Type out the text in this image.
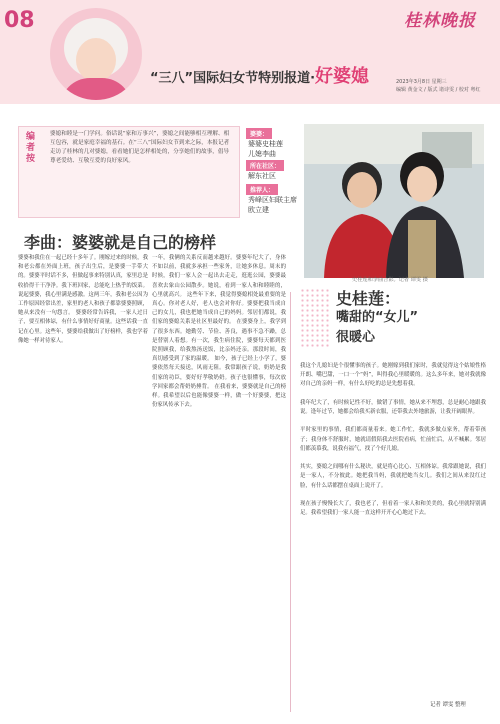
08	桂林晚报
“三八”国际妇女节特别报道·好婆媳	2023年3月8日 星期三
编辑 黄金文 / 版式 诸诗雯 / 校对 粤红
编者按
婆媳和睦是一门学问。俗话说“家和万事兴”，婆媳之间能够相互理解、相互包容，就是家庭幸福的基石。在“三八”国际妇女节到来之际，本报记者走访了桂林的几对婆媳，看看她们是怎样相处的，分享她们的故事，倡导尊老爱幼、互敬互爱的良好家风。
婆婆：
婆婆史桂莲
儿媳李曲
所在社区：
解东社区
推荐人：
秀峰区妇联主席
欧立建
史桂莲和李曲合影。记者 谭雯 摄
李曲：婆婆就是自己的榜样
婆婆和我住在一起已经十多年了。刚嫁过来的时候，我和老公都在外面上班，孩子出生后，是婆婆一手带大的。婆婆平时话不多，但做起事来特别认真，家里总是收拾得干干净净。我下班回家，总能吃上热乎的饭菜。说起婆婆，我心里满是感激。这两三年，我和老公因为工作原因经常出差，家里的老人和孩子都靠婆婆照顾，她从来没有一句怨言。 婆婆经常告诉我，一家人过日子，要互相体谅，有什么事情好好商量。这些话我一直记在心里。这些年，婆婆给我做出了好榜样，我也学着像她一样对待家人。
一年，我俩的关系反而越来越好。婆婆年纪大了，身体不如以前，我就多承担一些家务，让她多休息。周末的时候，我们一家人会一起出去走走，逛逛公园，婆婆最喜欢去象山公园散步。她说，看到一家人和和睦睦的，心里就高兴。 这些年下来，我觉得婆媳相处最重要的是真心。你对老人好，老人也会对你好。婆婆把我当成自己的女儿，我也把她当成自己的妈妈。邻居们都说，我们家的婆媳关系是社区里最好的。 在婆婆身上，我学到了很多东西。她勤劳、节俭、善良，遇事不急不躁，总是替别人着想。有一次，我生病住院，婆婆每天都到医院照顾我，给我熬汤送饭，比亲妈还亲。那段时间，我真切感受到了家的温暖。 如今，孩子已经上小学了，婆婆依然每天接送，风雨无阻。我常跟孩子说，奶奶是我们家的功臣，要好好孝敬奶奶。孩子也很懂事，每次放学回家都会帮奶奶捶背。 在我看来，婆婆就是自己的榜样。我希望以后也能像婆婆一样，做一个好婆婆，把这份家风传承下去。
史桂莲：
嘴甜的“女儿”
很暖心
我这个儿媳妇是个很懂事的孩子。她刚嫁到我们家时，我就觉得这个姑娘性格开朗、嘴巴甜，一口一个“妈”，叫得我心里暖暖的。这么多年来，她对我就像对自己的亲妈一样，有什么好吃的总是先想着我。

我年纪大了，有时候记性不好，做错了事情，她从来不埋怨，总是耐心地跟我说。逢年过节，她都会给我买新衣服，还带我去外地旅游，让我开阔眼界。

平时家里的事情，我们都商量着来。她工作忙，我就多做点家务，帮着带孩子；我身体不舒服时，她就请假陪我去医院看病，忙前忙后，从不喊累。邻居们都羡慕我，说我有福气，找了个好儿媳。

其实，婆媳之间哪有什么秘诀，就是将心比心、互相体谅。我常跟她说，我们是一家人，不分彼此。她把我当妈，我就把她当女儿。我们之间从来没红过脸，有什么话都摆在桌面上说开了。

现在孩子慢慢长大了，我也老了，但看着一家人和和美美的，我心里就特别满足。我希望我们一家人能一直这样开开心心地过下去。
记者 谭雯 整理
